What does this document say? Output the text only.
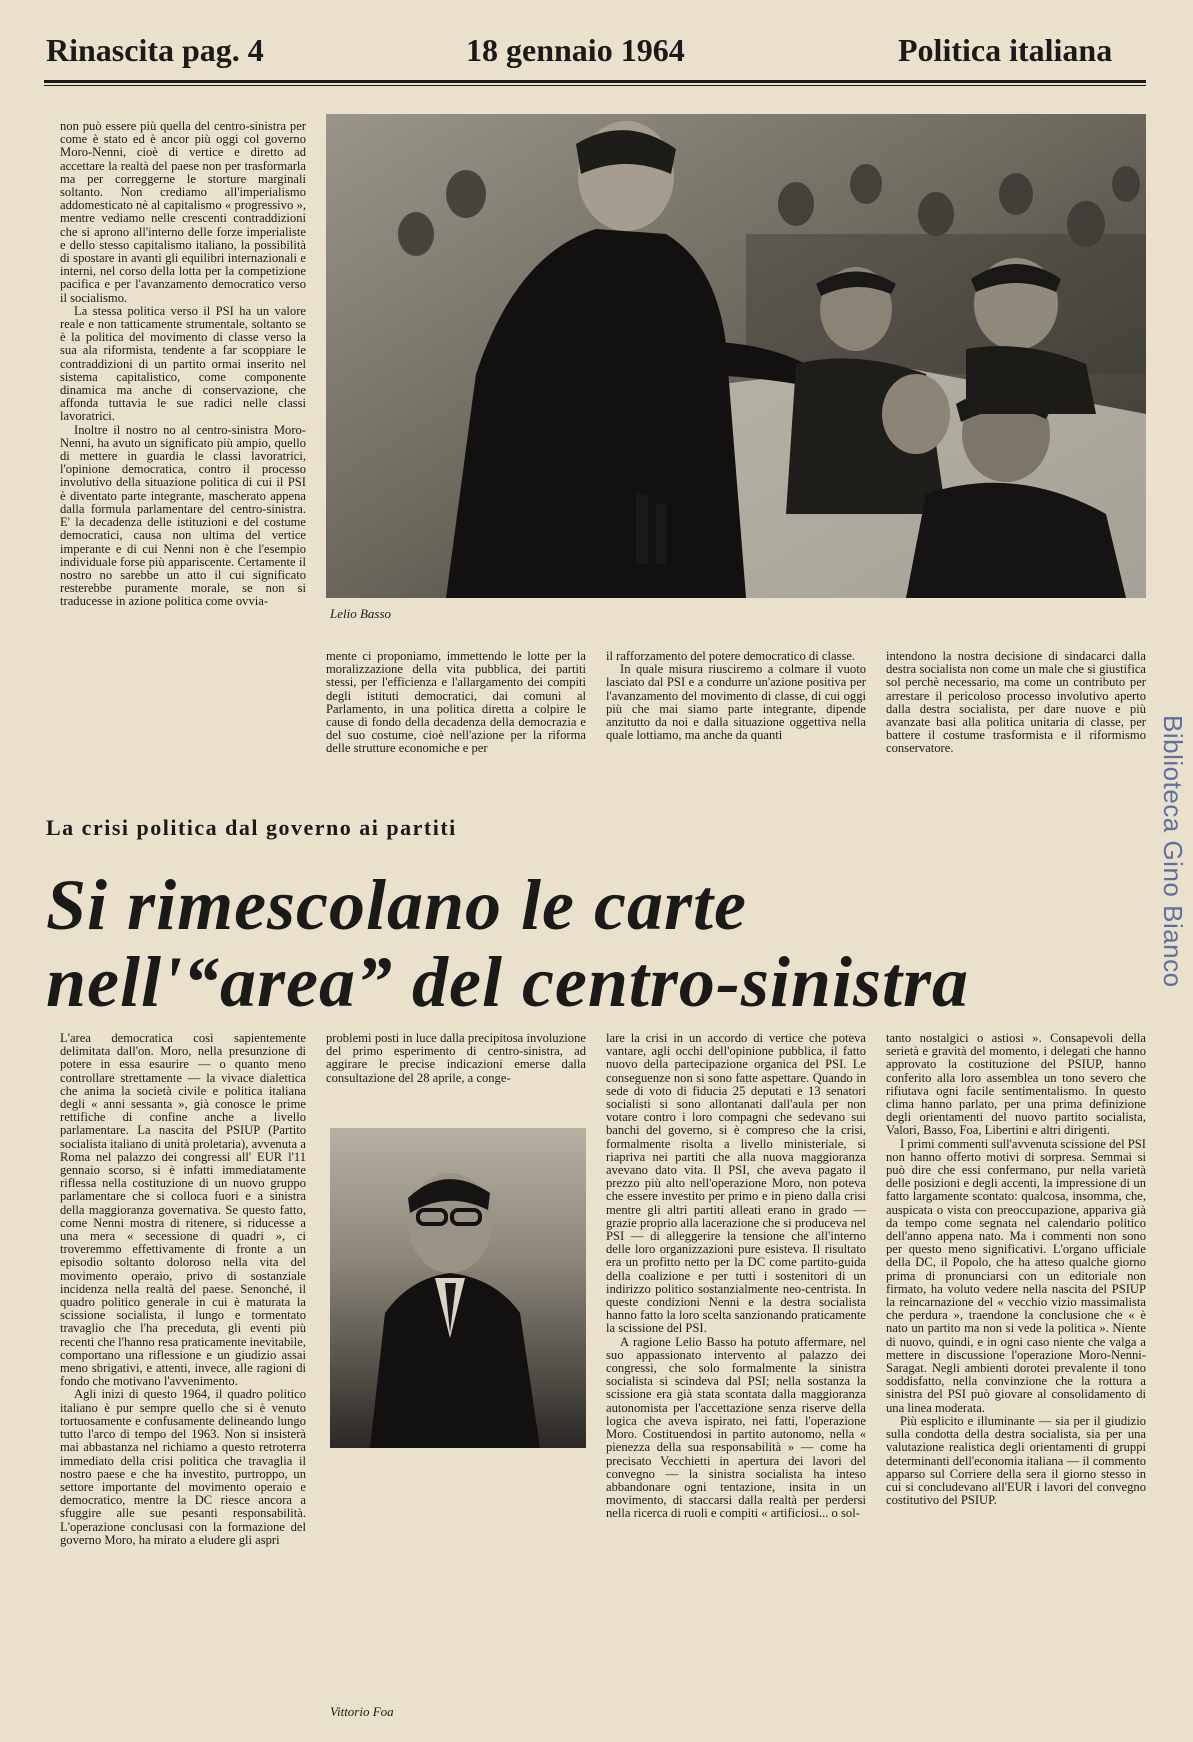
Rinascita pag. 4	18 gennaio 1964	Politica italiana

non può essere più quella del centro-sinistra per come è stato ed è ancor più oggi col governo Moro-Nenni, cioè di vertice e diretto ad accettare la realtà del paese non per trasformarla ma per correggerne le storture marginali soltanto. Non crediamo all'imperialismo addomesticato nè al capitalismo « progressivo », mentre vediamo nelle crescenti contraddizioni che si aprono all'interno delle forze imperialiste e dello stesso capitalismo italiano, la possibilità di spostare in avanti gli equilibri internazionali e interni, nel corso della lotta per la competizione pacifica e per l'avanzamento democratico verso il socialismo.

La stessa politica verso il PSI ha un valore reale e non tatticamente strumentale, soltanto se è la politica del movimento di classe verso la sua ala riformista, tendente a far scoppiare le contraddizioni di un partito ormai inserito nel sistema capitalistico, come componente dinamica ma anche di conservazione, che affonda tuttavia le sue radici nelle classi lavoratrici.

Inoltre il nostro no al centro-sinistra Moro-Nenni, ha avuto un significato più ampio, quello di mettere in guardia le classi lavoratrici, l'opinione democratica, contro il processo involutivo della situazione politica di cui il PSI è diventato parte integrante, mascherato appena dalla formula parlamentare del centro-sinistra. E' la decadenza delle istituzioni e del costume democratici, causa non ultima del vertice imperante e di cui Nenni non è che l'esempio individuale forse più appariscente. Certamente il nostro no sarebbe un atto il cui significato resterebbe puramente morale, se non si traducesse in azione politica come ovvia-

Lelio Basso

mente ci proponiamo, immettendo le lotte per la moralizzazione della vita pubblica, dei partiti stessi, per l'efficienza e l'allargamento dei compiti degli istituti democratici, dai comuni al Parlamento, in una politica diretta a colpire le cause di fondo della decadenza della democrazia e del suo costume, cioè nell'azione per la riforma delle strutture economiche e per

il rafforzamento del potere democratico di classe.

In quale misura riusciremo a colmare il vuoto lasciato dal PSI e a condurre un'azione positiva per l'avanzamento del movimento di classe, di cui oggi più che mai siamo parte integrante, dipende anzitutto da noi e dalla situazione oggettiva nella quale lottiamo, ma anche da quanti

intendono la nostra decisione di sindacarci dalla destra socialista non come un male che si giustifica sol perchè necessario, ma come un contributo per arrestare il pericoloso processo involutivo aperto dalla destra socialista, per dare nuove e più avanzate basi alla politica unitaria di classe, per battere il costume trasformista e il riformismo conservatore.

La crisi politica dal governo ai partiti
Si rimescolano le carte
nell'“area” del centro-sinistra

L'area democratica così sapientemente delimitata dall'on. Moro, nella presunzione di potere in essa esaurire — o quanto meno controllare strettamente — la vivace dialettica che anima la società civile e politica italiana degli « anni sessanta », già conosce le prime rettifiche di confine anche a livello parlamentare. La nascita del PSIUP (Partito socialista italiano di unità proletaria), avvenuta a Roma nel palazzo dei congressi all' EUR l'11 gennaio scorso, si è infatti immediatamente riflessa nella costituzione di un nuovo gruppo parlamentare che si colloca fuori e a sinistra della maggioranza governativa. Se questo fatto, come Nenni mostra di ritenere, si riducesse a una mera « secessione di quadri », ci troveremmo effettivamente di fronte a un episodio soltanto doloroso nella vita del movimento operaio, privo di sostanziale incidenza nella realtà del paese. Senonché, il quadro politico generale in cui è maturata la scissione socialista, il lungo e tormentato travaglio che l'ha preceduta, gli eventi più recenti che l'hanno resa praticamente inevitabile, comportano una riflessione e un giudizio assai meno sbrigativi, e attenti, invece, alle ragioni di fondo che motivano l'avvenimento.

Agli inizi di questo 1964, il quadro politico italiano è pur sempre quello che si è venuto tortuosamente e confusamente delineando lungo tutto l'arco di tempo del 1963. Non si insisterà mai abbastanza nel richiamo a questo retroterra immediato della crisi politica che travaglia il nostro paese e che ha investito, purtroppo, un settore importante del movimento operaio e democratico, mentre la DC riesce ancora a sfuggire alle sue pesanti responsabilità. L'operazione conclusasi con la formazione del governo Moro, ha mirato a eludere gli aspri

problemi posti in luce dalla precipitosa involuzione del primo esperimento di centro-sinistra, ad aggirare le precise indicazioni emerse dalla consultazione del 28 aprile, a conge-

Vittorio Foa

lare la crisi in un accordo di vertice che poteva vantare, agli occhi dell'opinione pubblica, il fatto nuovo della partecipazione organica del PSI. Le conseguenze non si sono fatte aspettare. Quando in sede di voto di fiducia 25 deputati e 13 senatori socialisti si sono allontanati dall'aula per non votare contro i loro compagni che sedevano sui banchi del governo, si è compreso che la crisi, formalmente risolta a livello ministeriale, si riapriva nei partiti che alla nuova maggioranza avevano dato vita. Il PSI, che aveva pagato il prezzo più alto nell'operazione Moro, non poteva che essere investito per primo e in pieno dalla crisi mentre gli altri partiti alleati erano in grado — grazie proprio alla lacerazione che si produceva nel PSI — di alleggerire la tensione che all'interno delle loro organizzazioni pure esisteva. Il risultato era un profitto netto per la DC come partito-guida della coalizione e per tutti i sostenitori di un indirizzo politico sostanzialmente neo-centrista. In queste condizioni Nenni e la destra socialista hanno fatto la loro scelta sanzionando praticamente la scissione del PSI.

A ragione Lelio Basso ha potuto affermare, nel suo appassionato intervento al palazzo dei congressi, che solo formalmente la sinistra socialista si scindeva dal PSI; nella sostanza la scissione era già stata scontata dalla maggioranza autonomista per l'accettazione senza riserve della logica che aveva ispirato, nei fatti, l'operazione Moro. Costituendosi in partito autonomo, nella « pienezza della sua responsabilità » — come ha precisato Vecchietti in apertura dei lavori del convegno — la sinistra socialista ha inteso abbandonare ogni tentazione, insita in un movimento, di staccarsi dalla realtà per perdersi nella ricerca di ruoli e compiti « artificiosi... o sol-

tanto nostalgici o astiosi ». Consapevoli della serietà e gravità del momento, i delegati che hanno approvato la costituzione del PSIUP, hanno conferito alla loro assemblea un tono severo che rifiutava ogni facile sentimentalismo. In questo clima hanno parlato, per una prima definizione degli orientamenti del nuovo partito socialista, Valori, Basso, Foa, Libertini e altri dirigenti.

I primi commenti sull'avvenuta scissione del PSI non hanno offerto motivi di sorpresa. Semmai si può dire che essi confermano, pur nella varietà delle posizioni e degli accenti, la impressione di un fatto largamente scontato: qualcosa, insomma, che, auspicata o vista con preoccupazione, appariva già da tempo come segnata nel calendario politico dell'anno appena nato. Ma i commenti non sono per questo meno significativi. L'organo ufficiale della DC, il Popolo, che ha atteso qualche giorno prima di pronunciarsi con un editoriale non firmato, ha voluto vedere nella nascita del PSIUP la reincarnazione del « vecchio vizio massimalista che perdura », traendone la conclusione che « è nato un partito ma non si vede la politica ». Niente di nuovo, quindi, e in ogni caso niente che valga a mettere in discussione l'operazione Moro-Nenni-Saragat. Negli ambienti dorotei prevalente il tono soddisfatto, nella convinzione che la rottura a sinistra del PSI può giovare al consolidamento di una linea moderata.

Più esplicito e illuminante — sia per il giudizio sulla condotta della destra socialista, sia per una valutazione realistica degli orientamenti di gruppi determinanti dell'economia italiana — il commento apparso sul Corriere della sera il giorno stesso in cui si concludevano all'EUR i lavori del convegno costitutivo del PSIUP.

Biblioteca Gino Bianco
